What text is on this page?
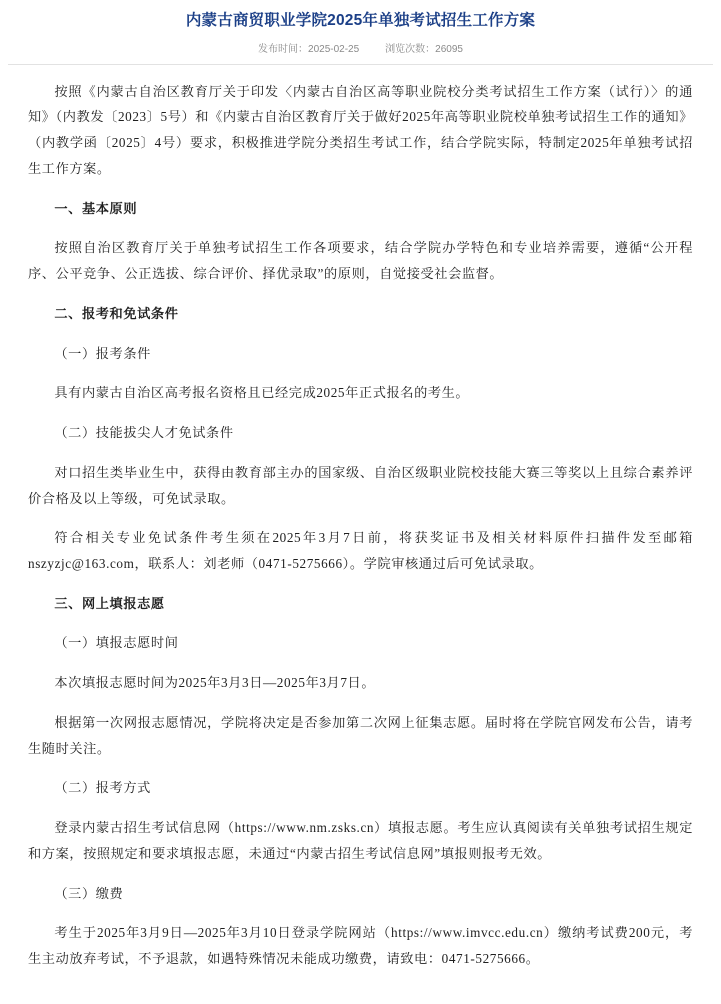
内蒙古商贸职业学院2025年单独考试招生工作方案
发布时间：2025-02-25	浏览次数：26095

按照《内蒙古自治区教育厅关于印发〈内蒙古自治区高等职业院校分类考试招生工作方案（试行）〉的通知》（内教发〔2023〕5号）和《内蒙古自治区教育厅关于做好2025年高等职业院校单独考试招生工作的通知》（内教学函〔2025〕4号）要求，积极推进学院分类招生考试工作，结合学院实际，特制定2025年单独考试招生工作方案。

一、基本原则

按照自治区教育厅关于单独考试招生工作各项要求，结合学院办学特色和专业培养需要，遵循“公开程序、公平竞争、公正选拔、综合评价、择优录取”的原则，自觉接受社会监督。

二、报考和免试条件

（一）报考条件

具有内蒙古自治区高考报名资格且已经完成2025年正式报名的考生。

（二）技能拔尖人才免试条件

对口招生类毕业生中，获得由教育部主办的国家级、自治区级职业院校技能大赛三等奖以上且综合素养评价合格及以上等级，可免试录取。

符合相关专业免试条件考生须在2025年3月7日前，将获奖证书及相关材料原件扫描件发至邮箱nszyzjc@163.com，联系人：刘老师（0471-5275666）。学院审核通过后可免试录取。

三、网上填报志愿

（一）填报志愿时间

本次填报志愿时间为2025年3月3日—2025年3月7日。

根据第一次网报志愿情况，学院将决定是否参加第二次网上征集志愿。届时将在学院官网发布公告，请考生随时关注。

（二）报考方式

登录内蒙古招生考试信息网（https://www.nm.zsks.cn）填报志愿。考生应认真阅读有关单独考试招生规定和方案，按照规定和要求填报志愿，未通过“内蒙古招生考试信息网”填报则报考无效。

（三）缴费

考生于2025年3月9日—2025年3月10日登录学院网站（https://www.imvcc.edu.cn）缴纳考试费200元，考生主动放弃考试，不予退款，如遇特殊情况未能成功缴费，请致电：0471-5275666。
